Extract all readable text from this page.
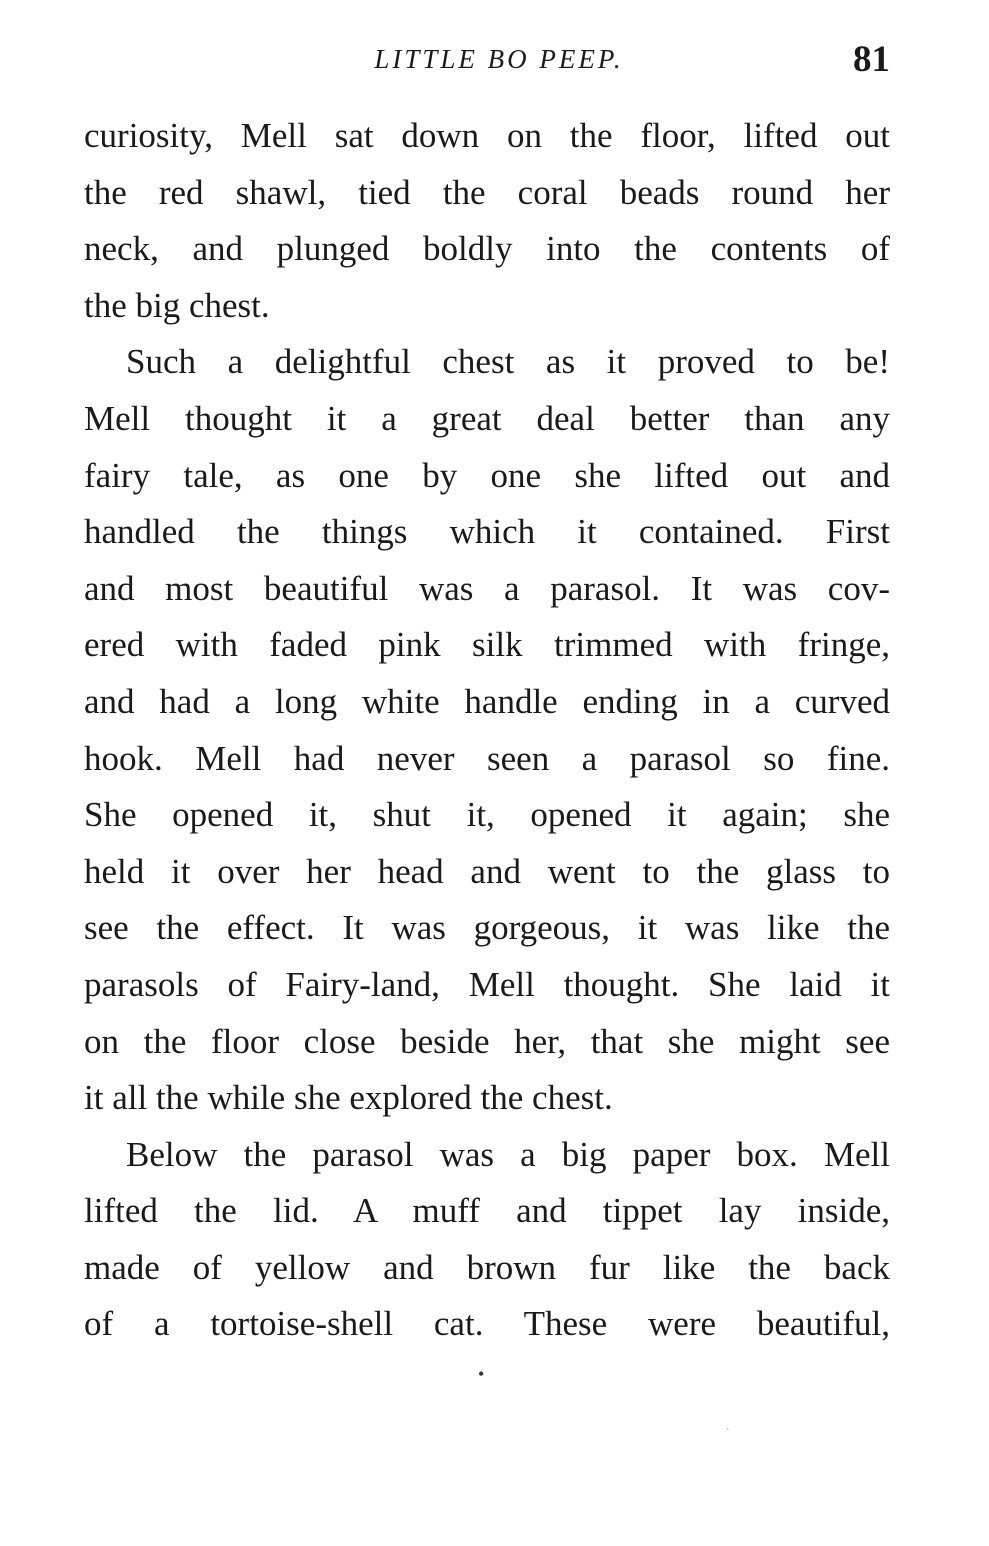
LITTLE BO PEEP.	81
curiosity, Mell sat down on the floor, lifted out
the red shawl, tied the coral beads round her
neck, and plunged boldly into the contents of
the big chest.
Such a delightful chest as it proved to be!
Mell thought it a great deal better than any
fairy tale, as one by one she lifted out and
handled the things which it contained. First
and most beautiful was a parasol. It was cov-
ered with faded pink silk trimmed with fringe,
and had a long white handle ending in a curved
hook. Mell had never seen a parasol so fine.
She opened it, shut it, opened it again; she
held it over her head and went to the glass to
see the effect. It was gorgeous, it was like the
parasols of Fairy-land, Mell thought. She laid it
on the floor close beside her, that she might see
it all the while she explored the chest.
Below the parasol was a big paper box. Mell
lifted the lid. A muff and tippet lay inside,
made of yellow and brown fur like the back
of a tortoise-shell cat. These were beautiful,
•
ˋ
